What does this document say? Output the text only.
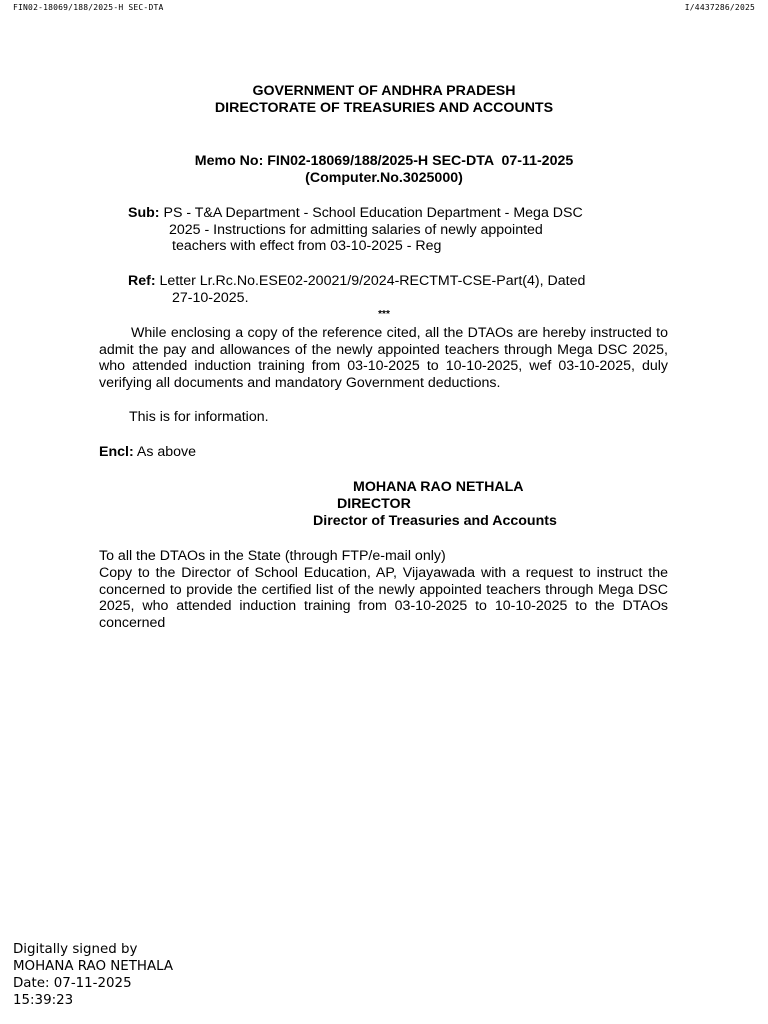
FIN02-18069/188/2025-H SEC-DTA	I/4437286/2025
GOVERNMENT OF ANDHRA PRADESH
DIRECTORATE OF TREASURIES AND ACCOUNTS
Memo No: FIN02-18069/188/2025-H SEC-DTA  07-11-2025
(Computer.No.3025000)
Sub: PS - T&A Department - School Education Department - Mega DSC
2025 - Instructions for admitting salaries of newly appointed
teachers with effect from 03-10-2025 - Reg
Ref: Letter Lr.Rc.No.ESE02-20021/9/2024-RECTMT-CSE-Part(4), Dated
27-10-2025.
***
While enclosing a copy of the reference cited, all the DTAOs are hereby instructed to admit the pay and allowances of the newly appointed teachers through Mega DSC 2025, who attended induction training from 03-10-2025 to 10-10-2025, wef 03-10-2025, duly verifying all documents and mandatory Government deductions.
This is for information.
Encl: As above
MOHANA RAO NETHALA
DIRECTOR
Director of Treasuries and Accounts
To all the DTAOs in the State (through FTP/e-mail only)
Copy to the Director of School Education, AP, Vijayawada with a request to instruct the concerned to provide the certified list of the newly appointed teachers through Mega DSC 2025, who attended induction training from 03-10-2025 to 10-10-2025 to the DTAOs concerned
Digitally signed by
MOHANA RAO NETHALA
Date: 07-11-2025
15:39:23
